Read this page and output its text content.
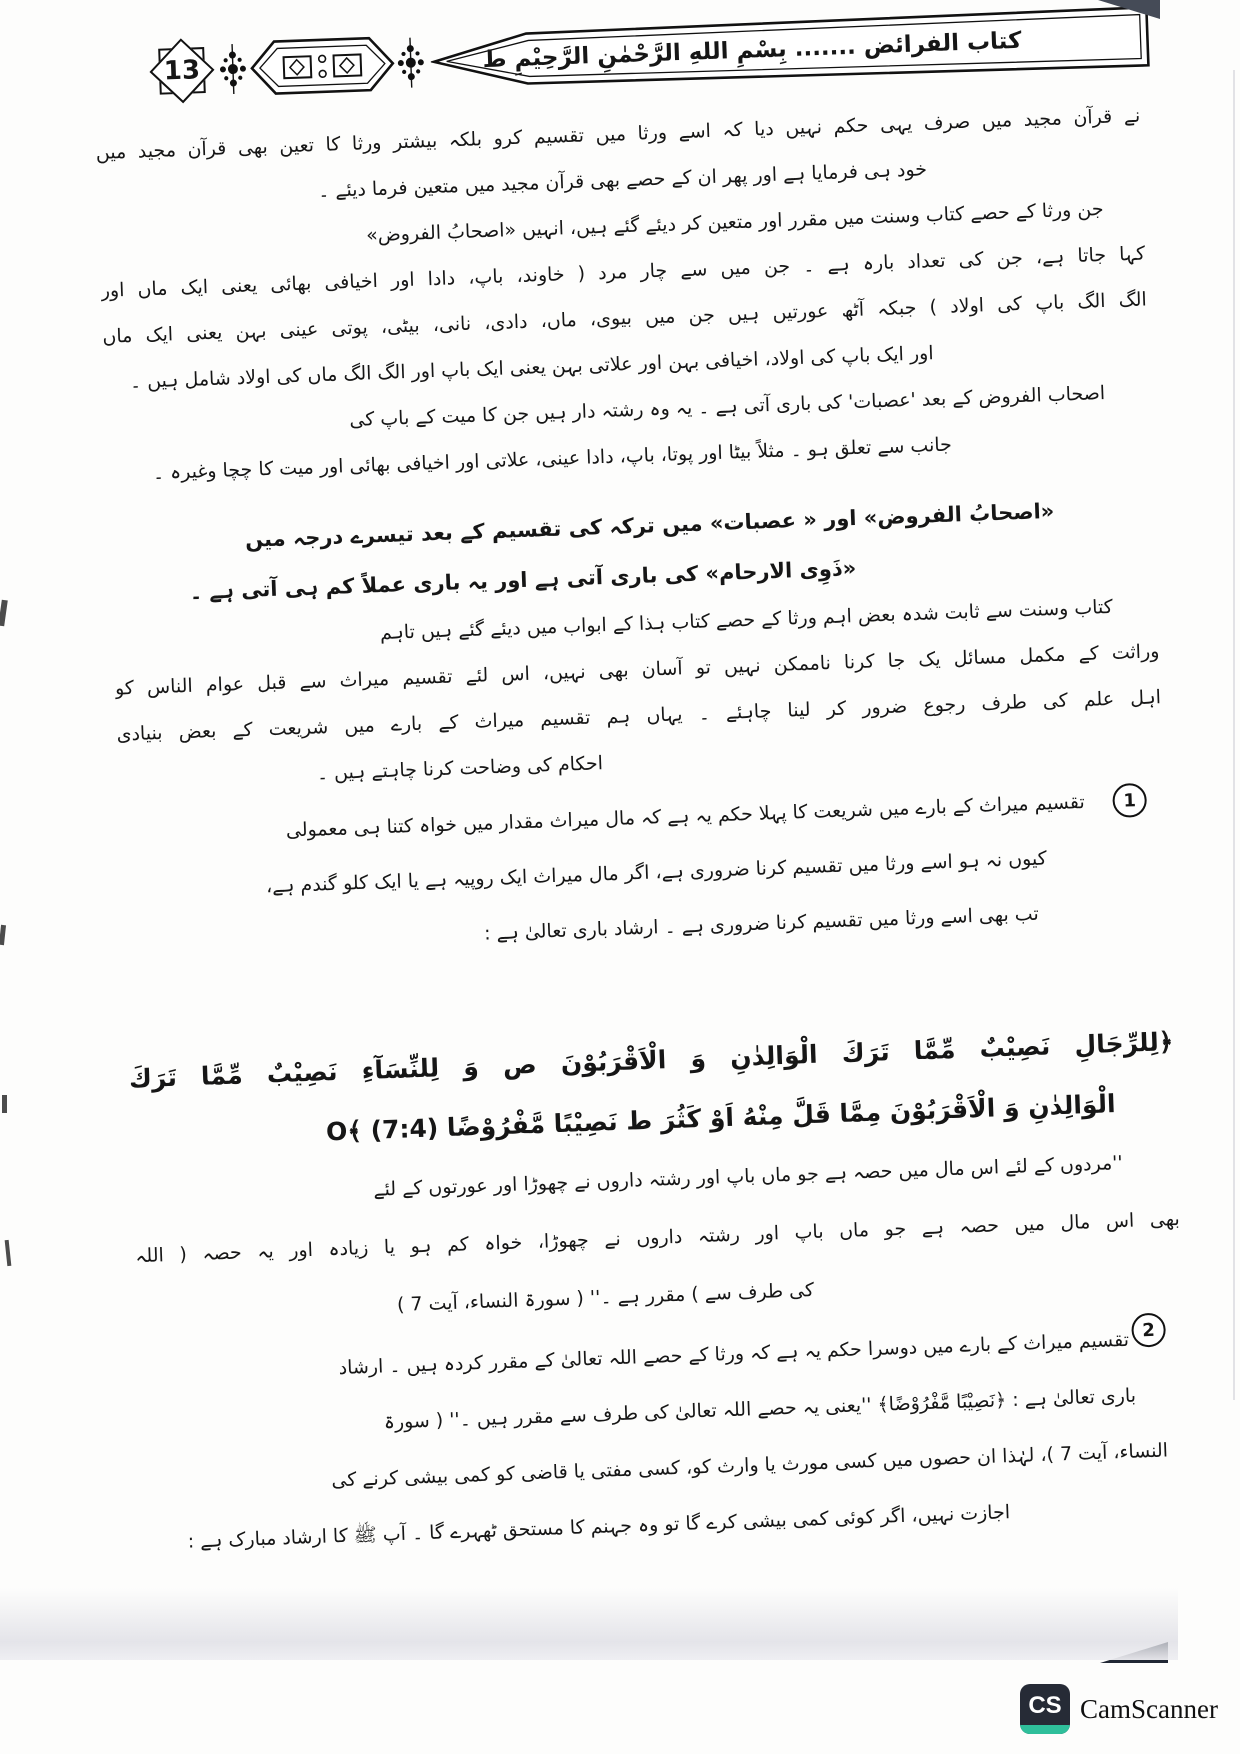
13	كتاب الفرائض ....... بِسْمِ اللهِ الرَّحْمٰنِ الرَّحِيْمِ ط
نے قرآن مجید میں صرف یہی حکم نہیں دیا کہ اسے ورثا میں تقسیم کرو بلکہ بیشتر ورثا کا تعین بھی قرآن مجید میں
خود ہی فرمایا ہے اور پھر ان کے حصے بھی قرآن مجید میں متعین فرما دیئے ۔
جن ورثا کے حصے کتاب وسنت میں مقرر اور متعین کر دیئے گئے ہیں، انہیں «اصحابُ الفروض»
کہا جاتا ہے، جن کی تعداد بارہ ہے ۔ جن میں سے چار مرد ( خاوند، باپ، دادا اور اخیافی بھائی یعنی ایک ماں اور
الگ الگ باپ کی اولاد ) جبکہ آٹھ عورتیں ہیں جن میں بیوی، ماں، دادی، نانی، بیٹی، پوتی عینی بہن یعنی ایک ماں
اور ایک باپ کی اولاد، اخیافی بہن اور علاتی بہن یعنی ایک باپ اور الگ الگ ماں کی اولاد شامل ہیں ۔
اصحاب الفروض کے بعد 'عصبات' کی باری آتی ہے ۔ یہ وہ رشتہ دار ہیں جن کا میت کے باپ کی
جانب سے تعلق ہو ۔ مثلاً بیٹا اور پوتا، باپ، دادا عینی، علاتی اور اخیافی بھائی اور میت کا چچا وغیرہ ۔
«اصحابُ الفروض» اور « عصبات» میں ترکہ کی تقسیم کے بعد تیسرے درجہ میں
«ذَوِی الارحام» کی باری آتی ہے اور یہ باری عملاً کم ہی آتی ہے ۔
کتاب وسنت سے ثابت شدہ بعض اہم ورثا کے حصے کتاب ہذا کے ابواب میں دیئے گئے ہیں تاہم
وراثت کے مکمل مسائل یک جا کرنا ناممکن نہیں تو آسان بھی نہیں، اس لئے تقسیم میراث سے قبل عوام الناس کو
اہل علم کی طرف رجوع ضرور کر لینا چاہئے ۔ یہاں ہم تقسیم میراث کے بارے میں شریعت کے بعض بنیادی
احکام کی وضاحت کرنا چاہتے ہیں ۔
1
تقسیم میراث کے بارے میں شریعت کا پہلا حکم یہ ہے کہ مال میراث مقدار میں خواہ کتنا ہی معمولی
کیوں نہ ہو اسے ورثا میں تقسیم کرنا ضروری ہے، اگر مال میراث ایک روپیہ ہے یا ایک کلو گندم ہے،
تب بھی اسے ورثا میں تقسیم کرنا ضروری ہے ۔ ارشاد باری تعالیٰ ہے :
﴿لِلرِّجَالِ نَصِيْبٌ مِّمَّا تَرَكَ الْوَالِدٰنِ وَ الْاَقْرَبُوْنَ ص وَ لِلنِّسَآءِ نَصِيْبٌ مِّمَّا تَرَكَ
الْوَالِدٰنِ وَ الْاَقْرَبُوْنَ مِمَّا قَلَّ مِنْهُ اَوْ كَثُرَ ط نَصِيْبًا مَّفْرُوْضًا O﴾ (7:4)
''مردوں کے لئے اس مال میں حصہ ہے جو ماں باپ اور رشتہ داروں نے چھوڑا اور عورتوں کے لئے
بھی اس مال میں حصہ ہے جو ماں باپ اور رشتہ داروں نے چھوڑا، خواہ کم ہو یا زیادہ اور یہ حصہ ( اللہ
کی طرف سے ) مقرر ہے ۔'' ( سورۃ النساء، آیت 7 )
2
تقسیم میراث کے بارے میں دوسرا حکم یہ ہے کہ ورثا کے حصے اللہ تعالیٰ کے مقرر کردہ ہیں ۔ ارشاد
باری تعالیٰ ہے : ﴿نَصِيْبًا مَّفْرُوْضًا﴾ ''یعنی یہ حصے اللہ تعالیٰ کی طرف سے مقرر ہیں ۔'' ( سورۃ
النساء، آیت 7 )، لہٰذا ان حصوں میں کسی مورث یا وارث کو، کسی مفتی یا قاضی کو کمی بیشی کرنے کی
اجازت نہیں، اگر کوئی کمی بیشی کرے گا تو وہ جہنم کا مستحق ٹھہرے گا ۔ آپ ﷺ کا ارشاد مبارک ہے :
CS CamScanner
